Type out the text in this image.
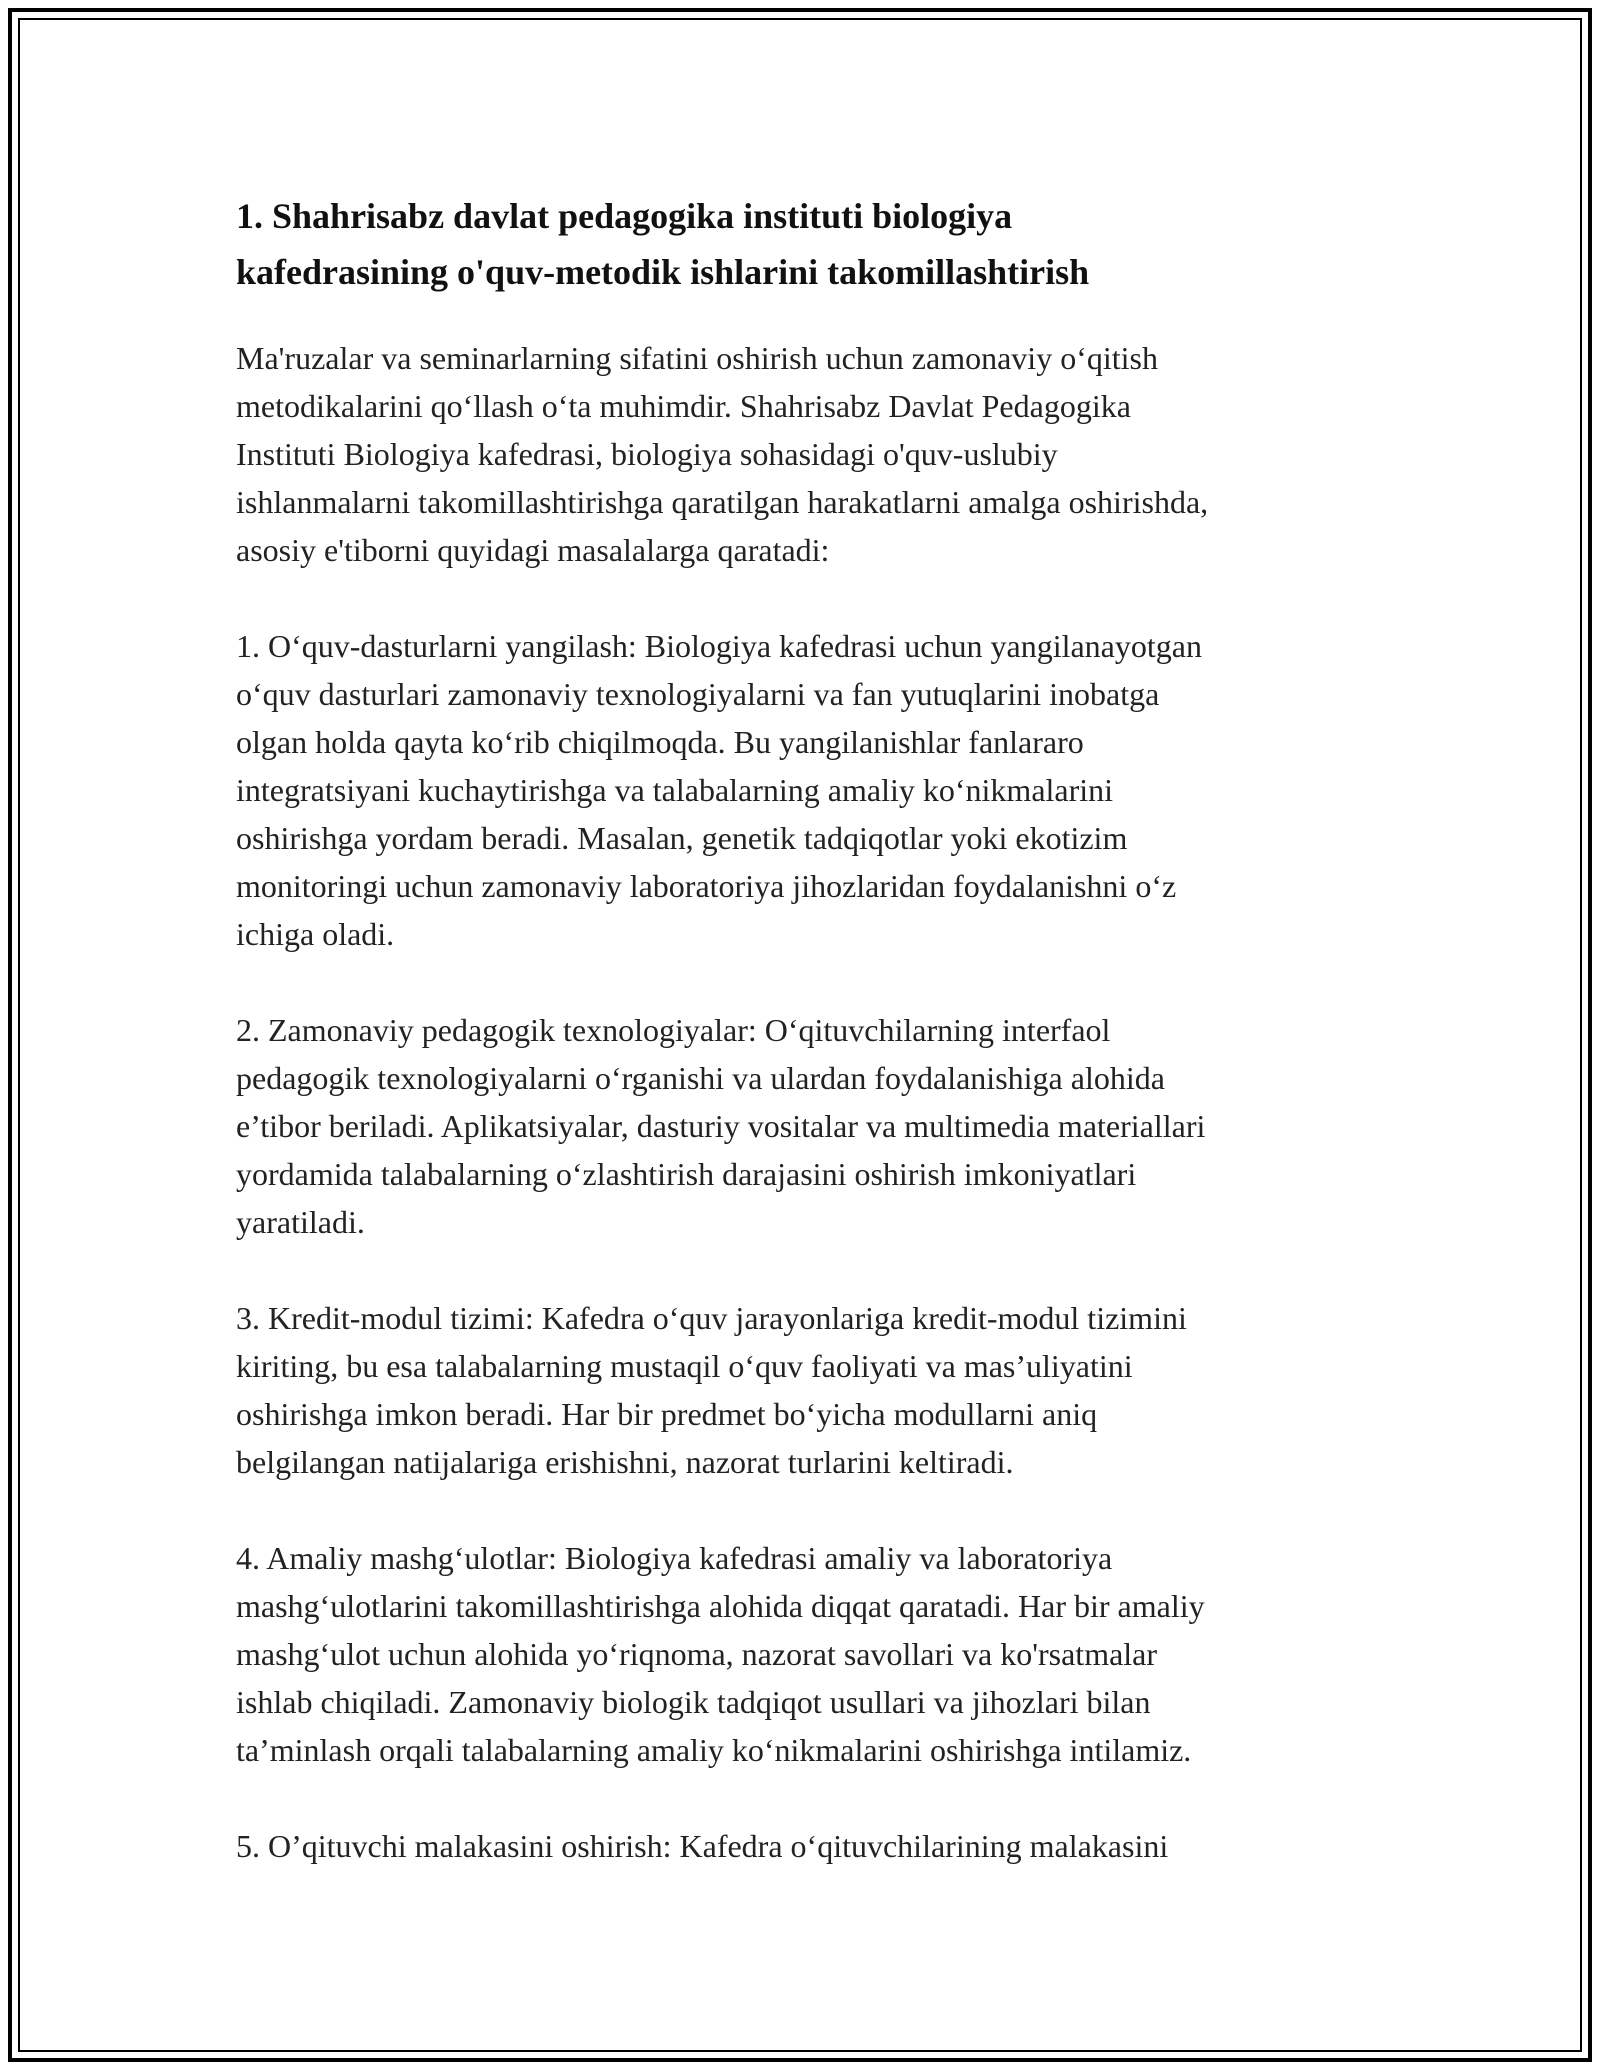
1. Shahrisabz davlat pedagogika instituti biologiya
kafedrasining o'quv-metodik ishlarini takomillashtirish

Ma'ruzalar va seminarlarning sifatini oshirish uchun zamonaviy o‘qitish
metodikalarini qo‘llash o‘ta muhimdir. Shahrisabz Davlat Pedagogika
Instituti Biologiya kafedrasi, biologiya sohasidagi o'quv-uslubiy
ishlanmalarni takomillashtirishga qaratilgan harakatlarni amalga oshirishda,
asosiy e'tiborni quyidagi masalalarga qaratadi:

1. O‘quv-dasturlarni yangilash: Biologiya kafedrasi uchun yangilanayotgan
o‘quv dasturlari zamonaviy texnologiyalarni va fan yutuqlarini inobatga
olgan holda qayta ko‘rib chiqilmoqda. Bu yangilanishlar fanlararo
integratsiyani kuchaytirishga va talabalarning amaliy ko‘nikmalarini
oshirishga yordam beradi. Masalan, genetik tadqiqotlar yoki ekotizim
monitoringi uchun zamonaviy laboratoriya jihozlaridan foydalanishni o‘z
ichiga oladi.

2. Zamonaviy pedagogik texnologiyalar: O‘qituvchilarning interfaol
pedagogik texnologiyalarni o‘rganishi va ulardan foydalanishiga alohida
e’tibor beriladi. Aplikatsiyalar, dasturiy vositalar va multimedia materiallari
yordamida talabalarning o‘zlashtirish darajasini oshirish imkoniyatlari
yaratiladi.

3. Kredit-modul tizimi: Kafedra o‘quv jarayonlariga kredit-modul tizimini
kiriting, bu esa talabalarning mustaqil o‘quv faoliyati va mas’uliyatini
oshirishga imkon beradi. Har bir predmet bo‘yicha modullarni aniq
belgilangan natijalariga erishishni, nazorat turlarini keltiradi.

4. Amaliy mashg‘ulotlar: Biologiya kafedrasi amaliy va laboratoriya
mashg‘ulotlarini takomillashtirishga alohida diqqat qaratadi. Har bir amaliy
mashg‘ulot uchun alohida yo‘riqnoma, nazorat savollari va ko'rsatmalar
ishlab chiqiladi. Zamonaviy biologik tadqiqot usullari va jihozlari bilan
ta’minlash orqali talabalarning amaliy ko‘nikmalarini oshirishga intilamiz.

5. O’qituvchi malakasini oshirish: Kafedra o‘qituvchilarining malakasini
